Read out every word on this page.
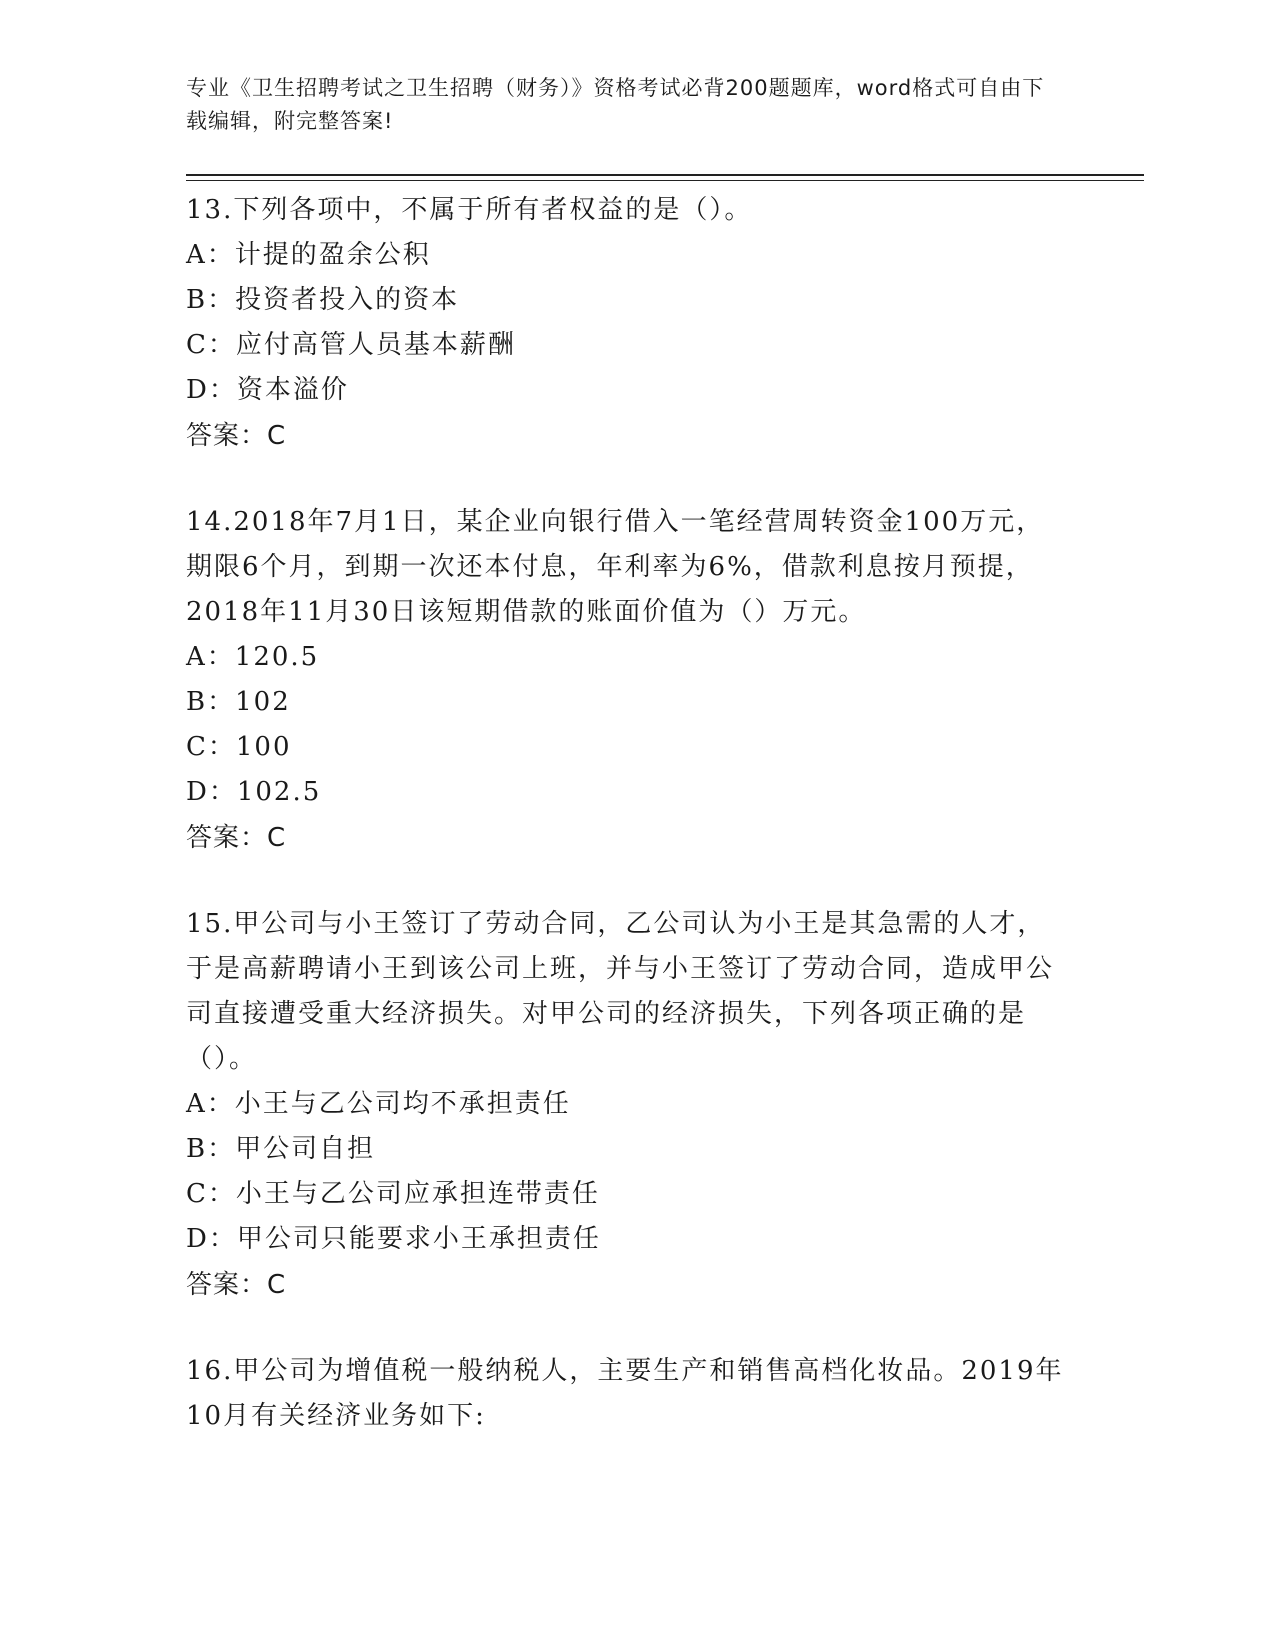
专业《卫生招聘考试之卫生招聘（财务）》资格考试必背200题题库，word格式可自由下载编辑，附完整答案!

13.下列各项中，不属于所有者权益的是（）。

A：计提的盈余公积

B：投资者投入的资本

C：应付高管人员基本薪酬

D：资本溢价

答案：C

14.2018年7月1日，某企业向银行借入一笔经营周转资金100万元，期限6个月，到期一次还本付息，年利率为6%，借款利息按月预提，2018年11月30日该短期借款的账面价值为（）万元。

A：120.5

B：102

C：100

D：102.5

答案：C

15.甲公司与小王签订了劳动合同，乙公司认为小王是其急需的人才，于是高薪聘请小王到该公司上班，并与小王签订了劳动合同，造成甲公司直接遭受重大经济损失。对甲公司的经济损失，下列各项正确的是（）。

A：小王与乙公司均不承担责任

B：甲公司自担

C：小王与乙公司应承担连带责任

D：甲公司只能要求小王承担责任

答案：C

16.甲公司为增值税一般纳税人，主要生产和销售高档化妆品。2019年10月有关经济业务如下:
